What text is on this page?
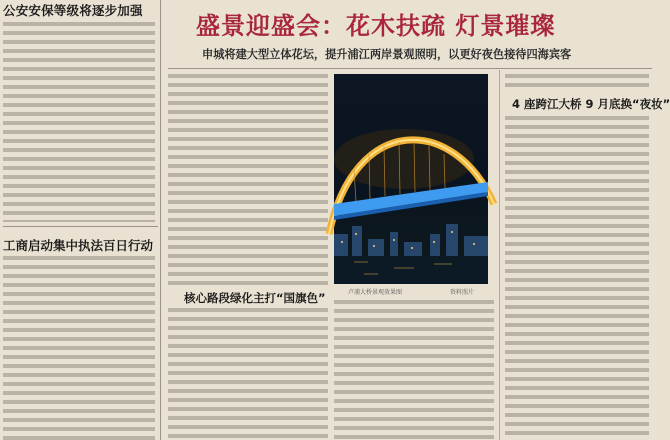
公安安保等级将逐步加强
工商启动集中执法百日行动
盛景迎盛会：花木扶疏 灯景璀璨
申城将建大型立体花坛，提升浦江两岸景观照明，以更好夜色接待四海宾客
核心路段绿化主打“国旗色”	卢浦大桥景观效果图	资料照片
4 座跨江大桥 9 月底换“夜妆”
